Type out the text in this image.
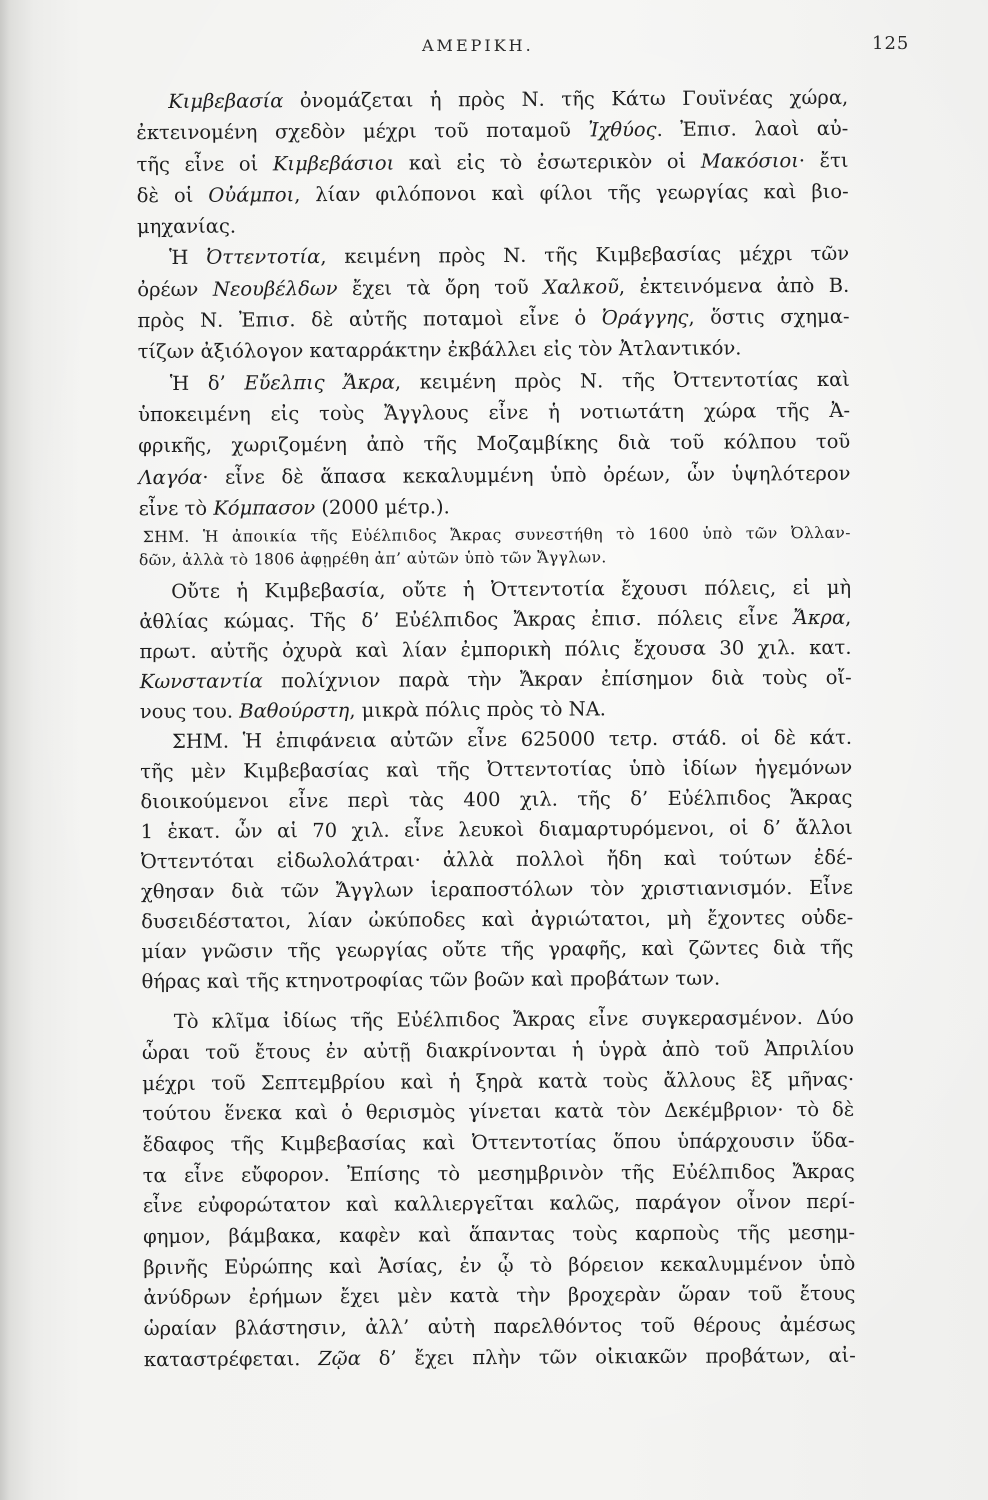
ΑΜΕΡΙΚΗ.	125
Κιμβεβασία ὀνομάζεται ἡ πρὸς Ν. τῆς Κάτω Γουϊνέας χώρα,
ἐκτεινομένη σχεδὸν μέχρι τοῦ ποταμοῦ Ἰχθύος. Ἐπισ. λαοὶ αὐ-
τῆς εἶνε οἱ Κιμβεβάσιοι καὶ εἰς τὸ ἐσωτερικὸν οἱ Μακόσιοι· ἔτι
δὲ οἱ Οὐάμποι, λίαν φιλόπονοι καὶ φίλοι τῆς γεωργίας καὶ βιο-
μηχανίας.
Ἡ Ὀττεντοτία, κειμένη πρὸς Ν. τῆς Κιμβεβασίας μέχρι τῶν
ὀρέων Νεουβέλδων ἔχει τὰ ὄρη τοῦ Χαλκοῦ, ἐκτεινόμενα ἀπὸ Β.
πρὸς Ν. Ἐπισ. δὲ αὐτῆς ποταμοὶ εἶνε ὁ Ὀράγγης, ὅστις σχημα-
τίζων ἀξιόλογον καταρράκτην ἐκβάλλει εἰς τὸν Ἀτλαντικόν.
Ἡ δ’ Εὔελπις Ἄκρα, κειμένη πρὸς Ν. τῆς Ὀττεντοτίας καὶ
ὑποκειμένη εἰς τοὺς Ἄγγλους εἶνε ἡ νοτιωτάτη χώρα τῆς Ἀ-
φρικῆς, χωριζομένη ἀπὸ τῆς Μοζαμβίκης διὰ τοῦ κόλπου τοῦ
Λαγόα· εἶνε δὲ ἅπασα κεκαλυμμένη ὑπὸ ὀρέων, ὧν ὑψηλότερον
εἶνε τὸ Κόμπασον (2000 μέτρ.).
ΣΗΜ. Ἡ ἀποικία τῆς Εὐέλπιδος Ἄκρας συνεστήθη τὸ 1600 ὑπὸ τῶν Ὀλλαν-
δῶν, ἀλλὰ τὸ 1806 ἀφῃρέθη ἀπ’ αὐτῶν ὑπὸ τῶν Ἄγγλων.
Οὔτε ἡ Κιμβεβασία, οὔτε ἡ Ὀττεντοτία ἔχουσι πόλεις, εἰ μὴ
ἀθλίας κώμας. Τῆς δ’ Εὐέλπιδος Ἄκρας ἐπισ. πόλεις εἶνε Ἄκρα,
πρωτ. αὐτῆς ὀχυρὰ καὶ λίαν ἐμπορικὴ πόλις ἔχουσα 30 χιλ. κατ.
Κωνσταντία πολίχνιον παρὰ τὴν Ἄκραν ἐπίσημον διὰ τοὺς οἴ-
νους του. Βαθούρστη, μικρὰ πόλις πρὸς τὸ ΝΑ.
ΣΗΜ. Ἡ ἐπιφάνεια αὐτῶν εἶνε 625000 τετρ. στάδ. οἱ δὲ κάτ.
τῆς μὲν Κιμβεβασίας καὶ τῆς Ὀττεντοτίας ὑπὸ ἰδίων ἡγεμόνων
διοικούμενοι εἶνε περὶ τὰς 400 χιλ. τῆς δ’ Εὐέλπιδος Ἄκρας
1 ἑκατ. ὧν αἱ 70 χιλ. εἶνε λευκοὶ διαμαρτυρόμενοι, οἱ δ’ ἄλλοι
Ὀττεντόται εἰδωλολάτραι· ἀλλὰ πολλοὶ ἤδη καὶ τούτων ἐδέ-
χθησαν διὰ τῶν Ἄγγλων ἱεραποστόλων τὸν χριστιανισμόν. Εἶνε
δυσειδέστατοι, λίαν ὠκύποδες καὶ ἀγριώτατοι, μὴ ἔχοντες οὐδε-
μίαν γνῶσιν τῆς γεωργίας οὔτε τῆς γραφῆς, καὶ ζῶντες διὰ τῆς
θήρας καὶ τῆς κτηνοτροφίας τῶν βοῶν καὶ προβάτων των.
Τὸ κλῖμα ἰδίως τῆς Εὐέλπιδος Ἄκρας εἶνε συγκερασμένον. Δύο
ὧραι τοῦ ἔτους ἐν αὐτῇ διακρίνονται ἡ ὑγρὰ ἀπὸ τοῦ Ἀπριλίου
μέχρι τοῦ Σεπτεμβρίου καὶ ἡ ξηρὰ κατὰ τοὺς ἄλλους ἓξ μῆνας·
τούτου ἕνεκα καὶ ὁ θερισμὸς γίνεται κατὰ τὸν Δεκέμβριον· τὸ δὲ
ἔδαφος τῆς Κιμβεβασίας καὶ Ὀττεντοτίας ὅπου ὑπάρχουσιν ὕδα-
τα εἶνε εὔφορον. Ἐπίσης τὸ μεσημβρινὸν τῆς Εὐέλπιδος Ἄκρας
εἶνε εὐφορώτατον καὶ καλλιεργεῖται καλῶς, παράγον οἶνον περί-
φημον, βάμβακα, καφὲν καὶ ἅπαντας τοὺς καρποὺς τῆς μεσημ-
βρινῆς Εὐρώπης καὶ Ἀσίας, ἐν ᾧ τὸ βόρειον κεκαλυμμένον ὑπὸ
ἀνύδρων ἐρήμων ἔχει μὲν κατὰ τὴν βροχερὰν ὥραν τοῦ ἔτους
ὡραίαν βλάστησιν, ἀλλ’ αὐτὴ παρελθόντος τοῦ θέρους ἀμέσως
καταστρέφεται. Ζῷα δ’ ἔχει πλὴν τῶν οἰκιακῶν προβάτων, αἰ-
